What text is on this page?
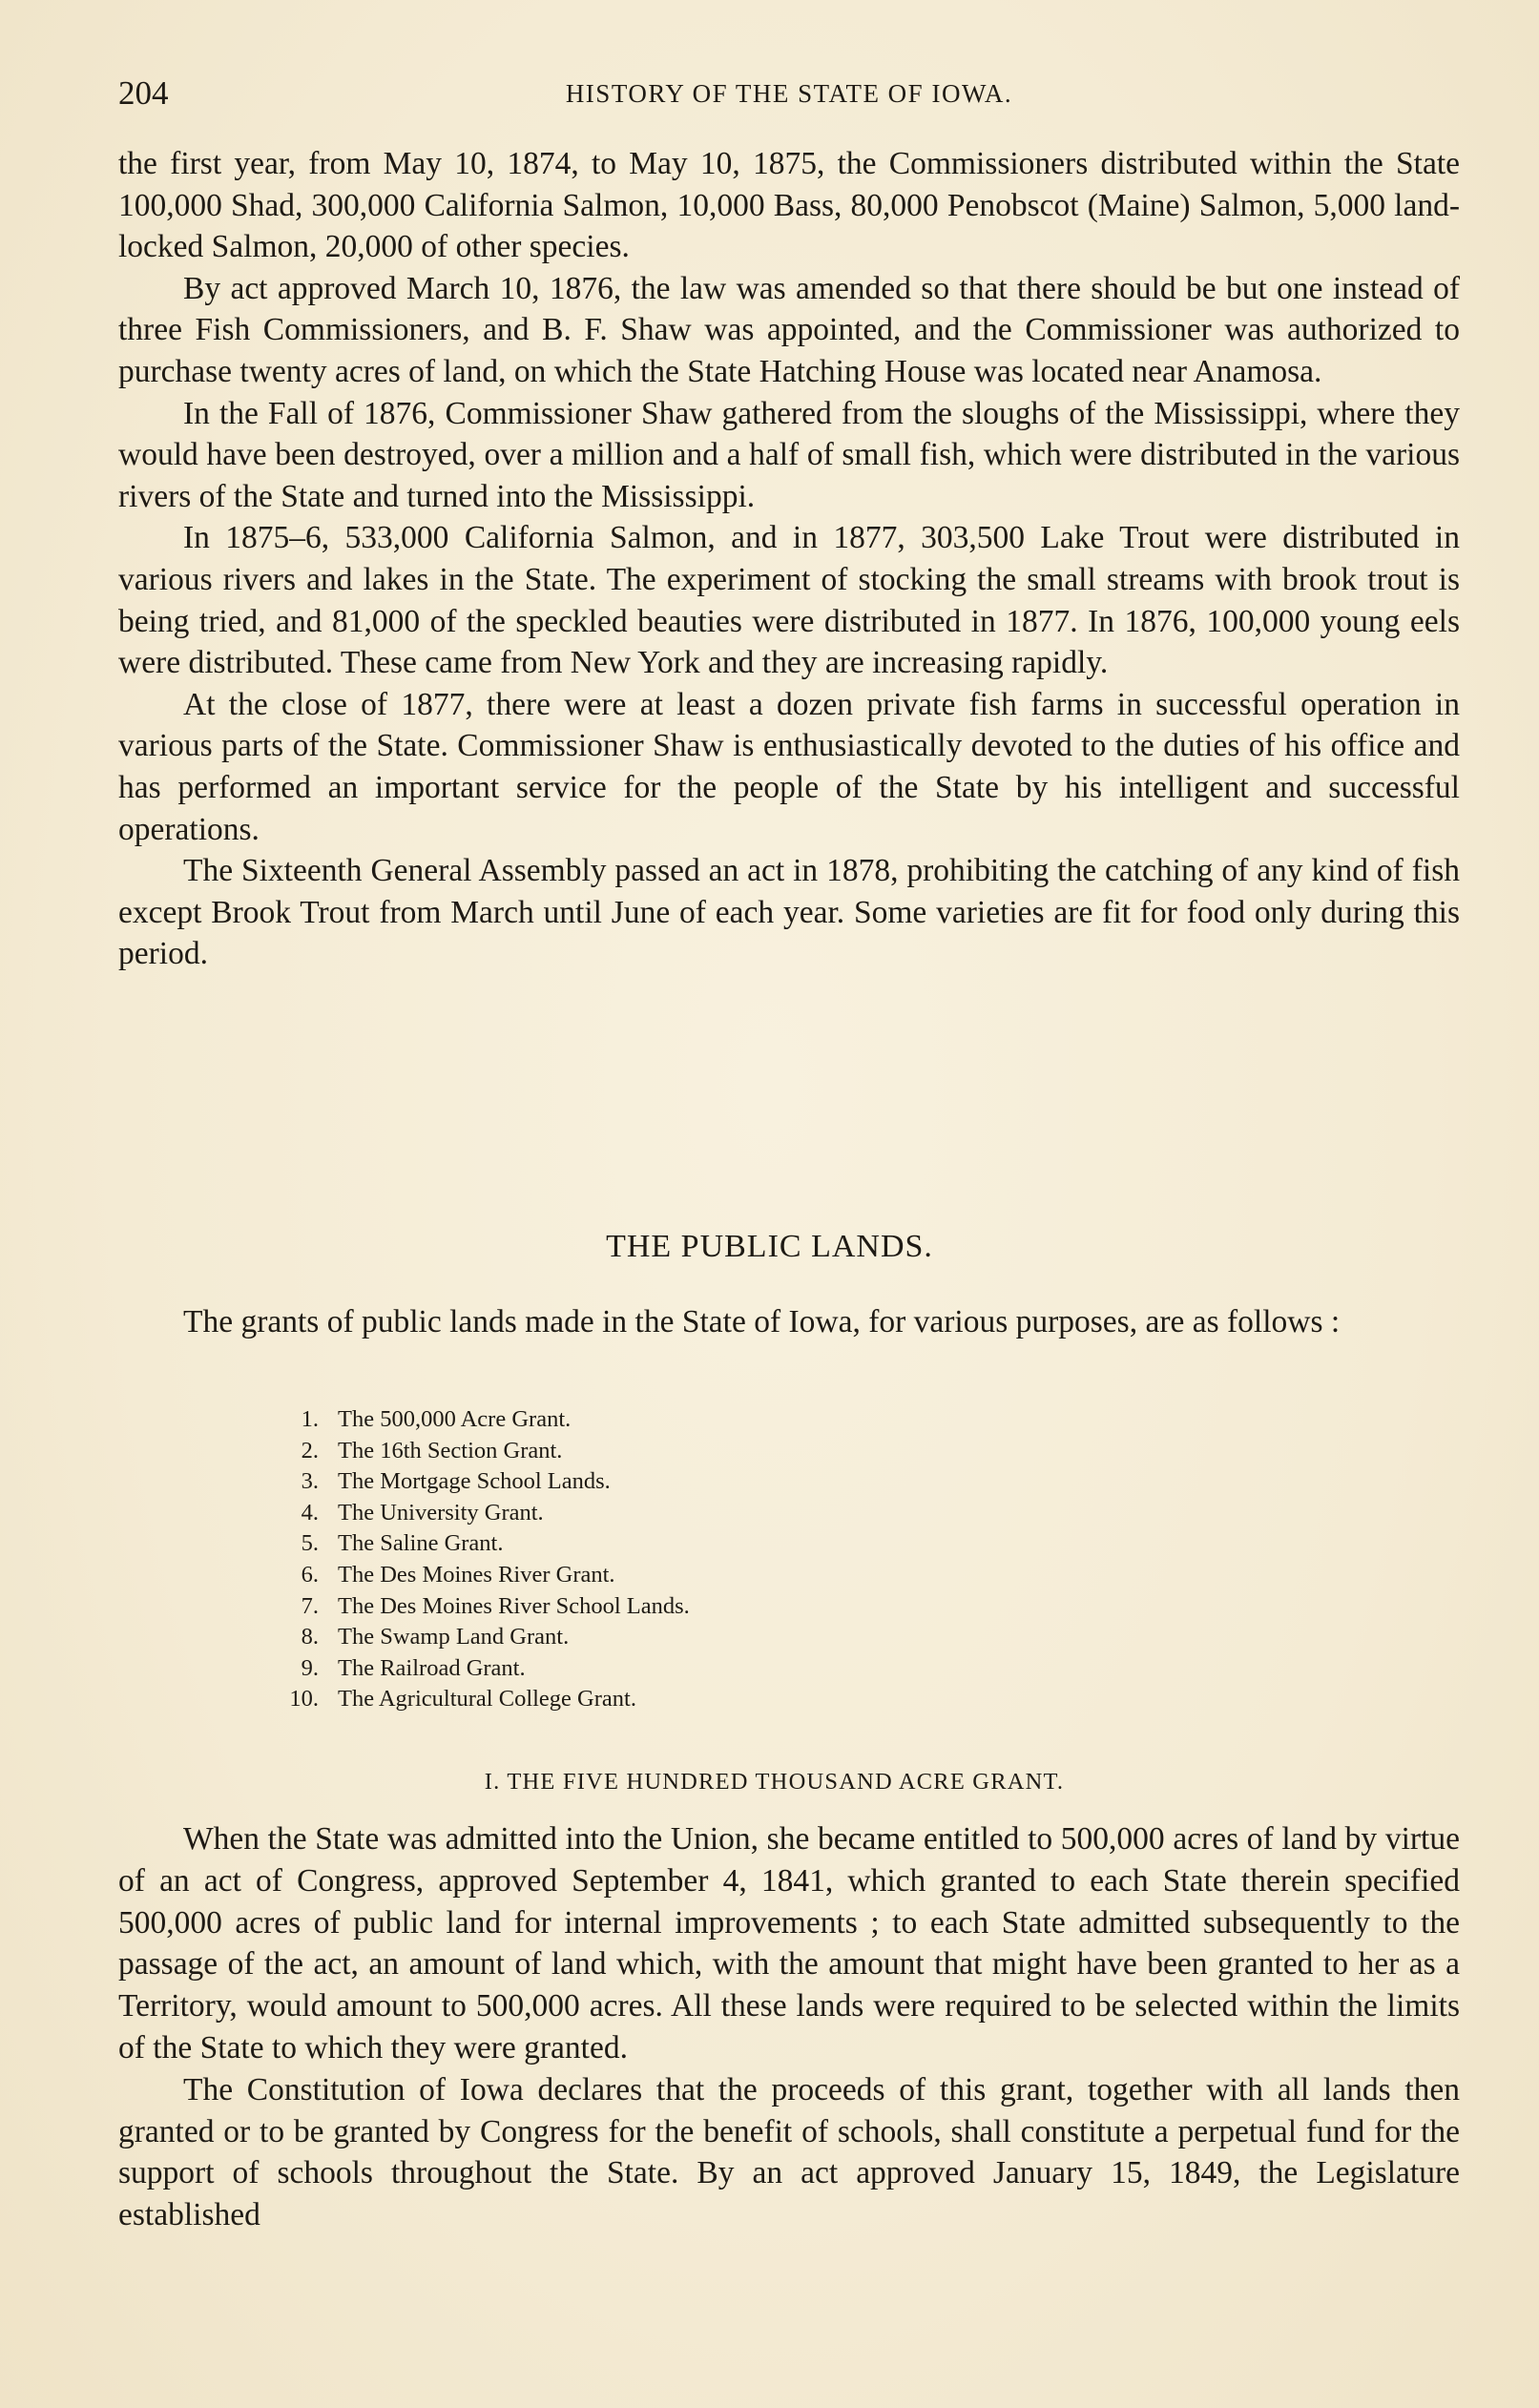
204	HISTORY OF THE STATE OF IOWA.

the first year, from May 10, 1874, to May 10, 1875, the Commissioners distributed within the State 100,000 Shad, 300,000 California Salmon, 10,000 Bass, 80,000 Penobscot (Maine) Salmon, 5,000 land-locked Salmon, 20,000 of other species.

By act approved March 10, 1876, the law was amended so that there should be but one instead of three Fish Commissioners, and B. F. Shaw was appointed, and the Commissioner was authorized to purchase twenty acres of land, on which the State Hatching House was located near Anamosa.

In the Fall of 1876, Commissioner Shaw gathered from the sloughs of the Mississippi, where they would have been destroyed, over a million and a half of small fish, which were distributed in the various rivers of the State and turned into the Mississippi.

In 1875–6, 533,000 California Salmon, and in 1877, 303,500 Lake Trout were distributed in various rivers and lakes in the State. The experiment of stocking the small streams with brook trout is being tried, and 81,000 of the speckled beauties were distributed in 1877. In 1876, 100,000 young eels were distributed. These came from New York and they are increasing rapidly.

At the close of 1877, there were at least a dozen private fish farms in successful operation in various parts of the State. Commissioner Shaw is enthusiastically devoted to the duties of his office and has performed an important service for the people of the State by his intelligent and successful operations.

The Sixteenth General Assembly passed an act in 1878, prohibiting the catching of any kind of fish except Brook Trout from March until June of each year. Some varieties are fit for food only during this period.

THE PUBLIC LANDS.

The grants of public lands made in the State of Iowa, for various purposes, are as follows :

1. The 500,000 Acre Grant.
2. The 16th Section Grant.
3. The Mortgage School Lands.
4. The University Grant.
5. The Saline Grant.
6. The Des Moines River Grant.
7. The Des Moines River School Lands.
8. The Swamp Land Grant.
9. The Railroad Grant.
10. The Agricultural College Grant.
I. THE FIVE HUNDRED THOUSAND ACRE GRANT.

When the State was admitted into the Union, she became entitled to 500,000 acres of land by virtue of an act of Congress, approved September 4, 1841, which granted to each State therein specified 500,000 acres of public land for internal improvements ; to each State admitted subsequently to the passage of the act, an amount of land which, with the amount that might have been granted to her as a Territory, would amount to 500,000 acres. All these lands were required to be selected within the limits of the State to which they were granted.

The Constitution of Iowa declares that the proceeds of this grant, together with all lands then granted or to be granted by Congress for the benefit of schools, shall constitute a perpetual fund for the support of schools throughout the State. By an act approved January 15, 1849, the Legislature established
